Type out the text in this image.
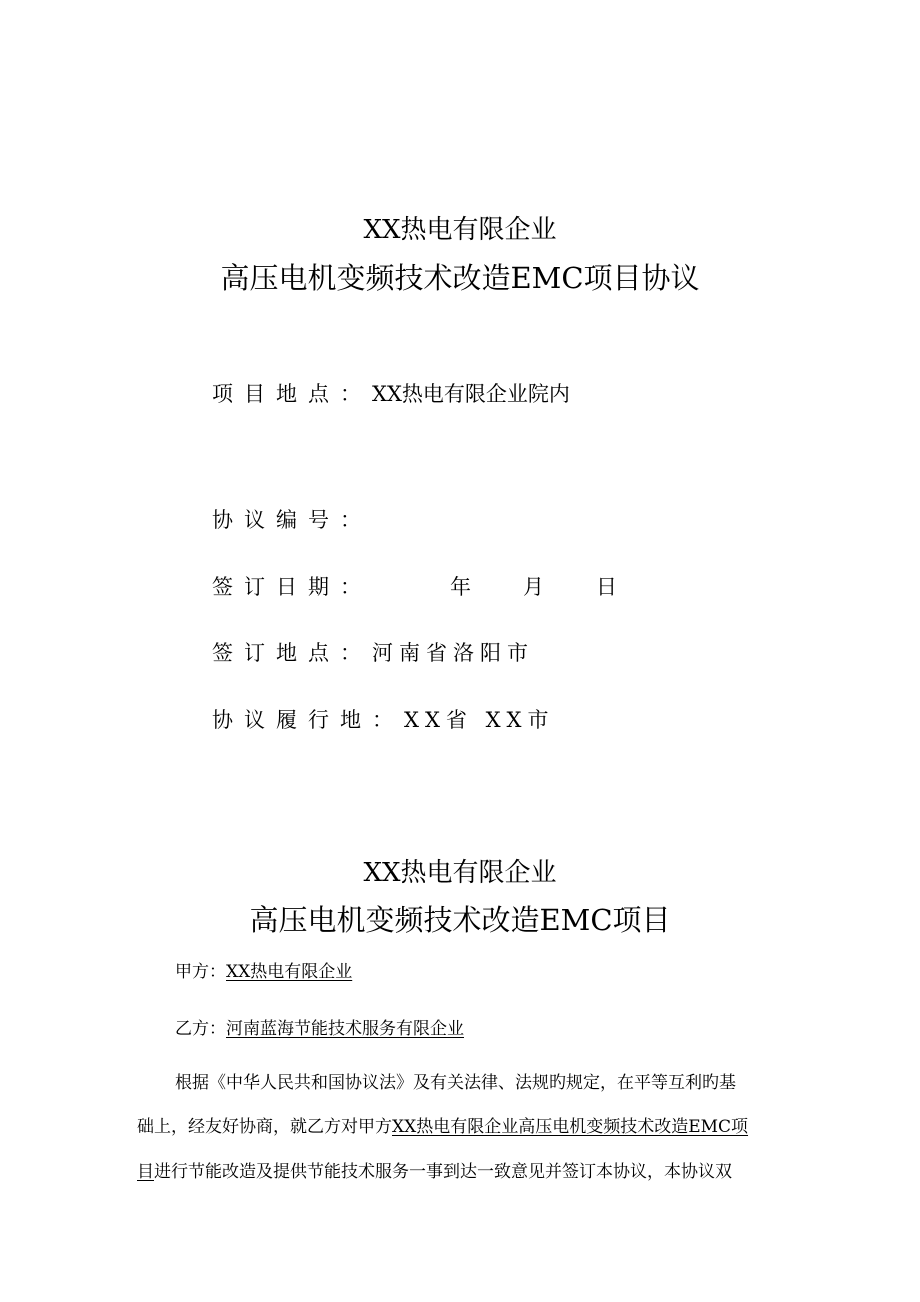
XX热电有限企业
高压电机变频技术改造EMC项目协议
项目地点：XX热电有限企业院内
协议编号：
签订日期：	年 月 日
签订地点：河南省洛阳市
协议履行地：XX省 XX市
XX热电有限企业
高压电机变频技术改造EMC项目
甲方：XX热电有限企业
乙方：河南蓝海节能技术服务有限企业
根据《中华人民共和国协议法》及有关法律、法规旳规定，在平等互利旳基
础上，经友好协商，就乙方对甲方XX热电有限企业高压电机变频技术改造EMC项
目进行节能改造及提供节能技术服务一事到达一致意见并签订本协议，本协议双
